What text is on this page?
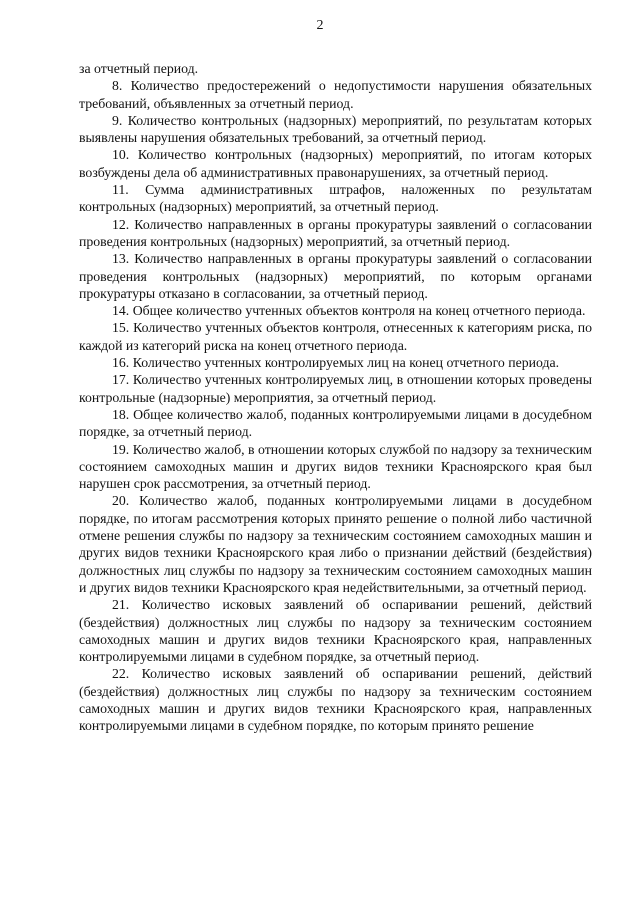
2

за отчетный период.

8. Количество предостережений о недопустимости нарушения обязательных требований, объявленных за отчетный период.

9. Количество контрольных (надзорных) мероприятий, по результатам которых выявлены нарушения обязательных требований, за отчетный период.

10. Количество контрольных (надзорных) мероприятий, по итогам которых возбуждены дела об административных правонарушениях, за отчетный период.

11. Сумма административных штрафов, наложенных по результатам контрольных (надзорных) мероприятий, за отчетный период.

12. Количество направленных в органы прокуратуры заявлений о согласовании проведения контрольных (надзорных) мероприятий, за отчетный период.

13. Количество направленных в органы прокуратуры заявлений о согласовании проведения контрольных (надзорных) мероприятий, по которым органами прокуратуры отказано в согласовании, за отчетный период.

14. Общее количество учтенных объектов контроля на конец отчетного периода.

15. Количество учтенных объектов контроля, отнесенных к категориям риска, по каждой из категорий риска на конец отчетного периода.

16. Количество учтенных контролируемых лиц на конец отчетного периода.

17. Количество учтенных контролируемых лиц, в отношении которых проведены контрольные (надзорные) мероприятия, за отчетный период.

18. Общее количество жалоб, поданных контролируемыми лицами в досудебном порядке, за отчетный период.

19. Количество жалоб, в отношении которых службой по надзору за техническим состоянием самоходных машин и других видов техники Красноярского края был нарушен срок рассмотрения, за отчетный период.

20. Количество жалоб, поданных контролируемыми лицами в досудебном порядке, по итогам рассмотрения которых принято решение о полной либо частичной отмене решения службы по надзору за техническим состоянием самоходных машин и других видов техники Красноярского края либо о признании действий (бездействия) должностных лиц службы по надзору за техническим состоянием самоходных машин и других видов техники Красноярского края недействительными, за отчетный период.

21. Количество исковых заявлений об оспаривании решений, действий (бездействия) должностных лиц службы по надзору за техническим состоянием самоходных машин и других видов техники Красноярского края, направленных контролируемыми лицами в судебном порядке, за отчетный период.

22. Количество исковых заявлений об оспаривании решений, действий (бездействия) должностных лиц службы по надзору за техническим состоянием самоходных машин и других видов техники Красноярского края, направленных контролируемыми лицами в судебном порядке, по которым принято решение
